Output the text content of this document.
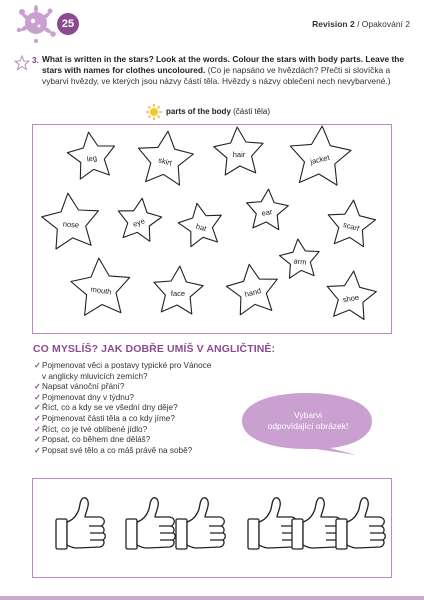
25	Revision 2 / Opakování 2
3. What is written in the stars? Look at the words. Colour the stars with body parts. Leave the stars with names for clothes uncoloured. (Co je napsáno ve hvězdách? Přečti si slovíčka a vybarvi hvězdy, ve kterých jsou názvy částí těla. Hvězdy s názvy oblečení nech nevybarvené.)
parts of the body (části těla)
leg	skirt
hair	jacket
nose	eye	hat
ear
scarf
arm
mouth	face	hand	shoe
CO MYSLÍŠ? JAK DOBŘE UMÍŠ V ANGLIČTINĚ:
✓ Pojmenovat věci a postavy typické pro Vánoce
v anglicky mluvicích zemích?
✓ Napsat vánoční přání?
✓ Pojmenovat dny v týdnu?
✓ Říct, co a kdy se ve všední dny děje?
✓ Pojmenovat části těla a co kdy jíme?
✓ Říct, co je tvé oblíbené jídlo?
✓ Popsat, co během dne děláš?
✓ Popsat své tělo a co máš právě na sobě?
Vybarvi
odpovídající obrázek!
